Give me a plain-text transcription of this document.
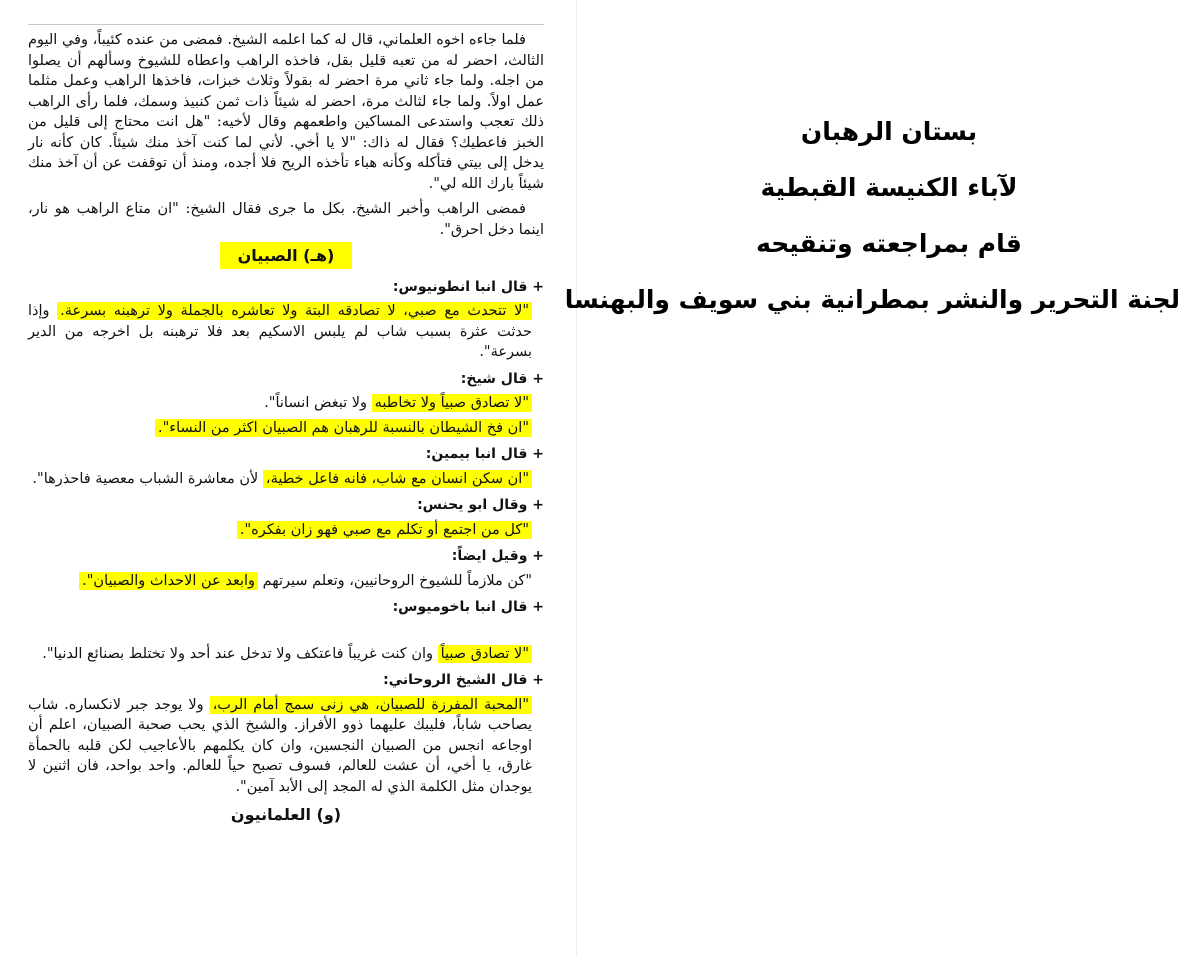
فلما جاءه اخوه العلماني، قال له كما اعلمه الشيخ. فمضى من عنده كئيباً، وفي اليوم الثالث، احضر له من تعبه قليل بقل، فاخذه الراهب واعطاه للشيوخ وسألهم أن يصلوا من اجله. ولما جاء ثاني مرة احضر له بقولاً وثلاث خبزات، فاخذها الراهب وعمل مثلما عمل اولاً. ولما جاء لثالث مرة، احضر له شيئاً ذات ثمن كنبيذ وسمك، فلما رأى الراهب ذلك تعجب واستدعى المساكين واطعمهم وقال لأخيه: "هل انت محتاج إلى قليل من الخبز فاعطيك؟ فقال له ذاك: "لا يا أخي. لأني لما كنت آخذ منك شيئاً. كان كأنه نار يدخل إلى بيتي فتأكله وكأنه هباء تأخذه الريح فلا أجده، ومنذ أن توقفت عن أن آخذ منك شيئاً بارك الله لي".

فمضى الراهب وأخبر الشيخ. بكل ما جرى فقال الشيخ: "ان متاع الراهب هو نار، اينما دخل احرق".

(هـ) الصبيان
+ قال انبا انطونيوس:

"لا تتحدث مع صبي، لا تصادقه البتة ولا تعاشره بالجملة ولا ترهبنه بسرعة. وإذا حدثت عثرة بسبب شاب لم يلبس الاسكيم بعد فلا ترهبنه بل اخرجه من الدير بسرعة".

+ قال شيخ:

"لا تصادق صبياً ولا تخاطبه ولا تبغض انساناً".

"ان فخ الشيطان بالنسبة للرهبان هم الصبيان اكثر من النساء".

+ قال انبا بيمين:

"ان سكن انسان مع شاب، فانه فاعل خطية، لأن معاشرة الشباب معصية فاحذرها".

+ وقال ابو يحنس:

"كل من اجتمع أو تكلم مع صبي فهو زان بفكره".

+ وقيل ايضاً:

"كن ملازماً للشيوخ الروحانيين، وتعلم سيرتهم وابعد عن الاحداث والصبيان".

+ قال انبا باخوميوس:

"لا تصادق صبياً وان كنت غريباً فاعتكف ولا تدخل عند أحد ولا تختلط بصنائع الدنيا".

+ قال الشيخ الروحاني:

"المحبة المفرزة للصبيان، هي زنى سمج أمام الرب، ولا يوجد جبر لانكساره. شاب يصاحب شاباً، فليبك عليهما ذوو الأفراز. والشيخ الذي يحب صحبة الصبيان، اعلم أن اوجاعه انجس من الصبيان النجسين، وان كان يكلمهم بالأعاجيب لكن قلبه بالحمأة غارق، يا أخي، أن عشت للعالم، فسوف تصبح حياً للعالم. واحد بواحد، فان اثنين لا يوجدان مثل الكلمة الذي له المجد إلى الأبد آمين".

(و) العلمانيون
بستان الرهبان
لآباء الكنيسة القبطية
قام بمراجعته وتنقيحه
لجنة التحرير والنشر بمطرانية بني سويف والبهنسا
